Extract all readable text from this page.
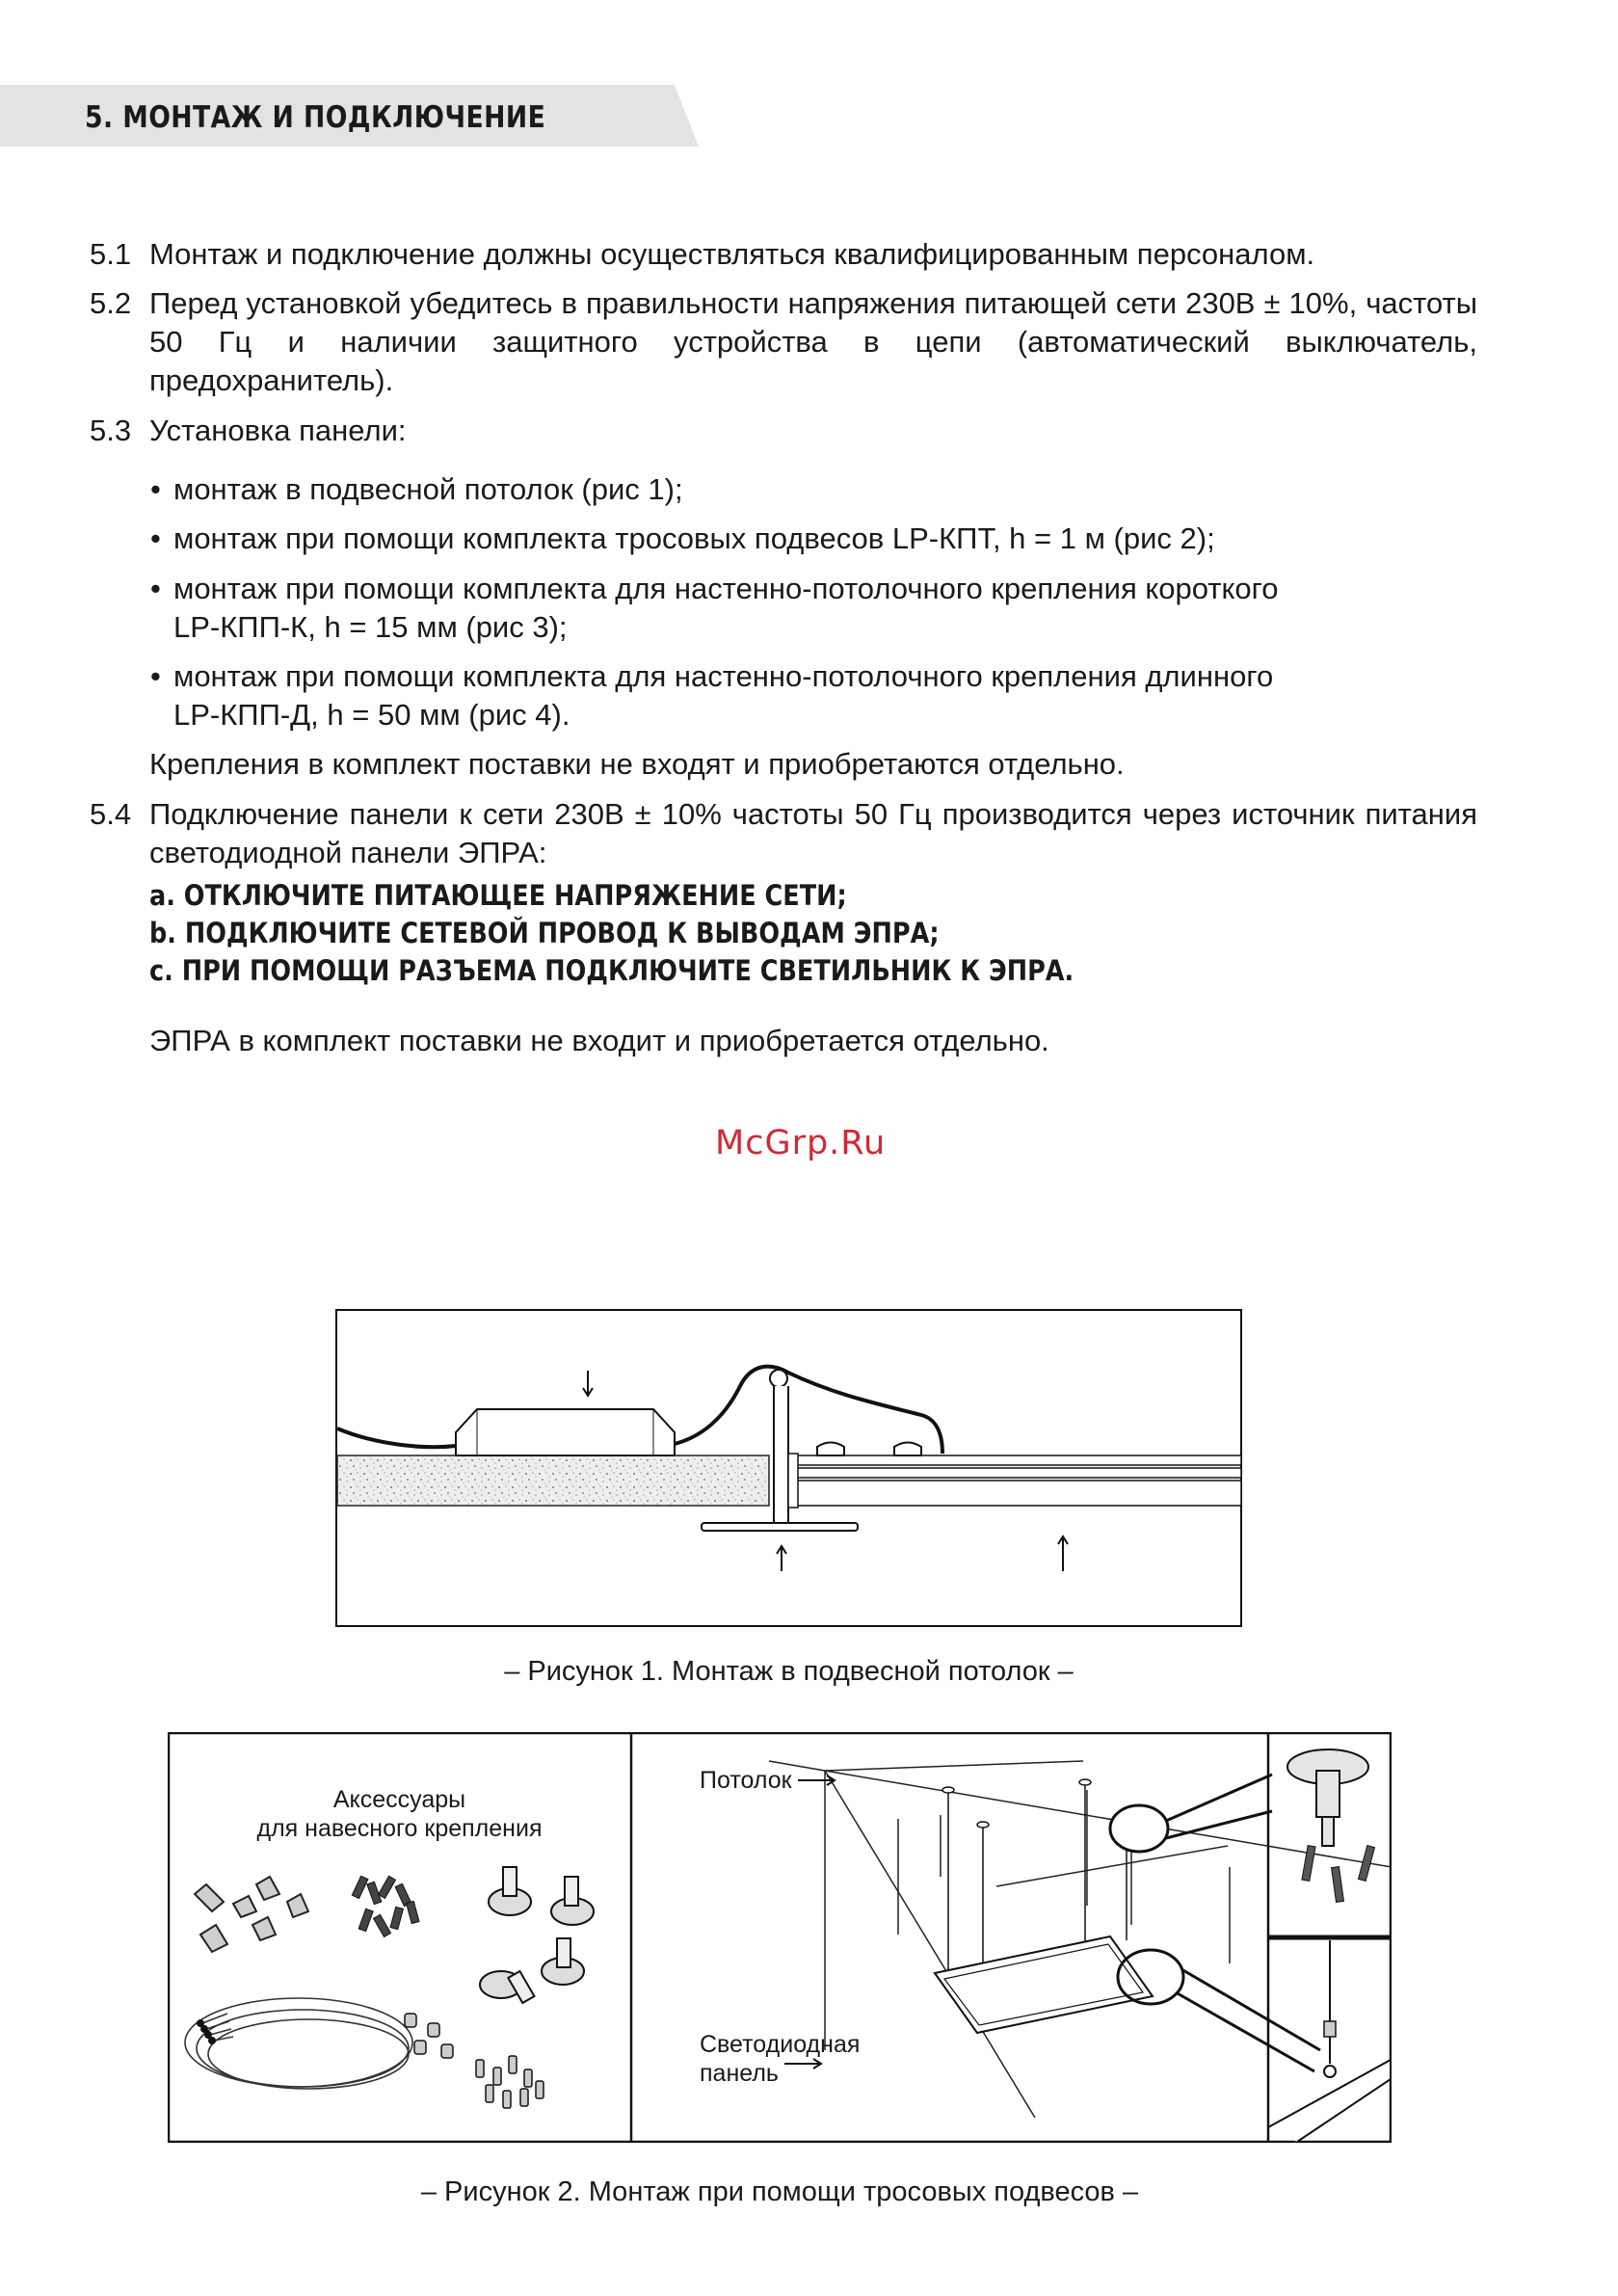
5. МОНТАЖ И ПОДКЛЮЧЕНИЕ
5.1 Монтаж и подключение должны осуществляться квалифицированным персоналом.
5.2 Перед установкой убедитесь в правильности напряжения питающей сети 230В ± 10%, частоты 50 Гц и наличии защитного устройства в цепи (автоматический выключатель, предохранитель).
5.3 Установка панели:
• монтаж в подвесной потолок (рис 1);
• монтаж при помощи комплекта тросовых подвесов LP-КПТ, h = 1 м (рис 2);
• монтаж при помощи комплекта для настенно-потолочного крепления короткого
LP-КПП-К, h = 15 мм (рис 3);
• монтаж при помощи комплекта для настенно-потолочного крепления длинного
LP-КПП-Д, h = 50 мм (рис 4).
Крепления в комплект поставки не входят и приобретаются отдельно.
5.4 Подключение панели к сети 230В ± 10% частоты 50 Гц производится через источник питания светодиодной панели ЭПРА:
a. ОТКЛЮЧИТЕ ПИТАЮЩЕЕ НАПРЯЖЕНИЕ СЕТИ;
b. ПОДКЛЮЧИТЕ СЕТЕВОЙ ПРОВОД К ВЫВОДАМ ЭПРА;
c. ПРИ ПОМОЩИ РАЗЪЕМА ПОДКЛЮЧИТЕ СВЕТИЛЬНИК К ЭПРА.
ЭПРА в комплект поставки не входит и приобретается отдельно.
McGrp.Ru
– Рисунок 1. Монтаж в подвесной потолок –
Аксессуары
для навесного крепления
Потолок
Светодиодная
панель
– Рисунок 2. Монтаж при помощи тросовых подвесов –
